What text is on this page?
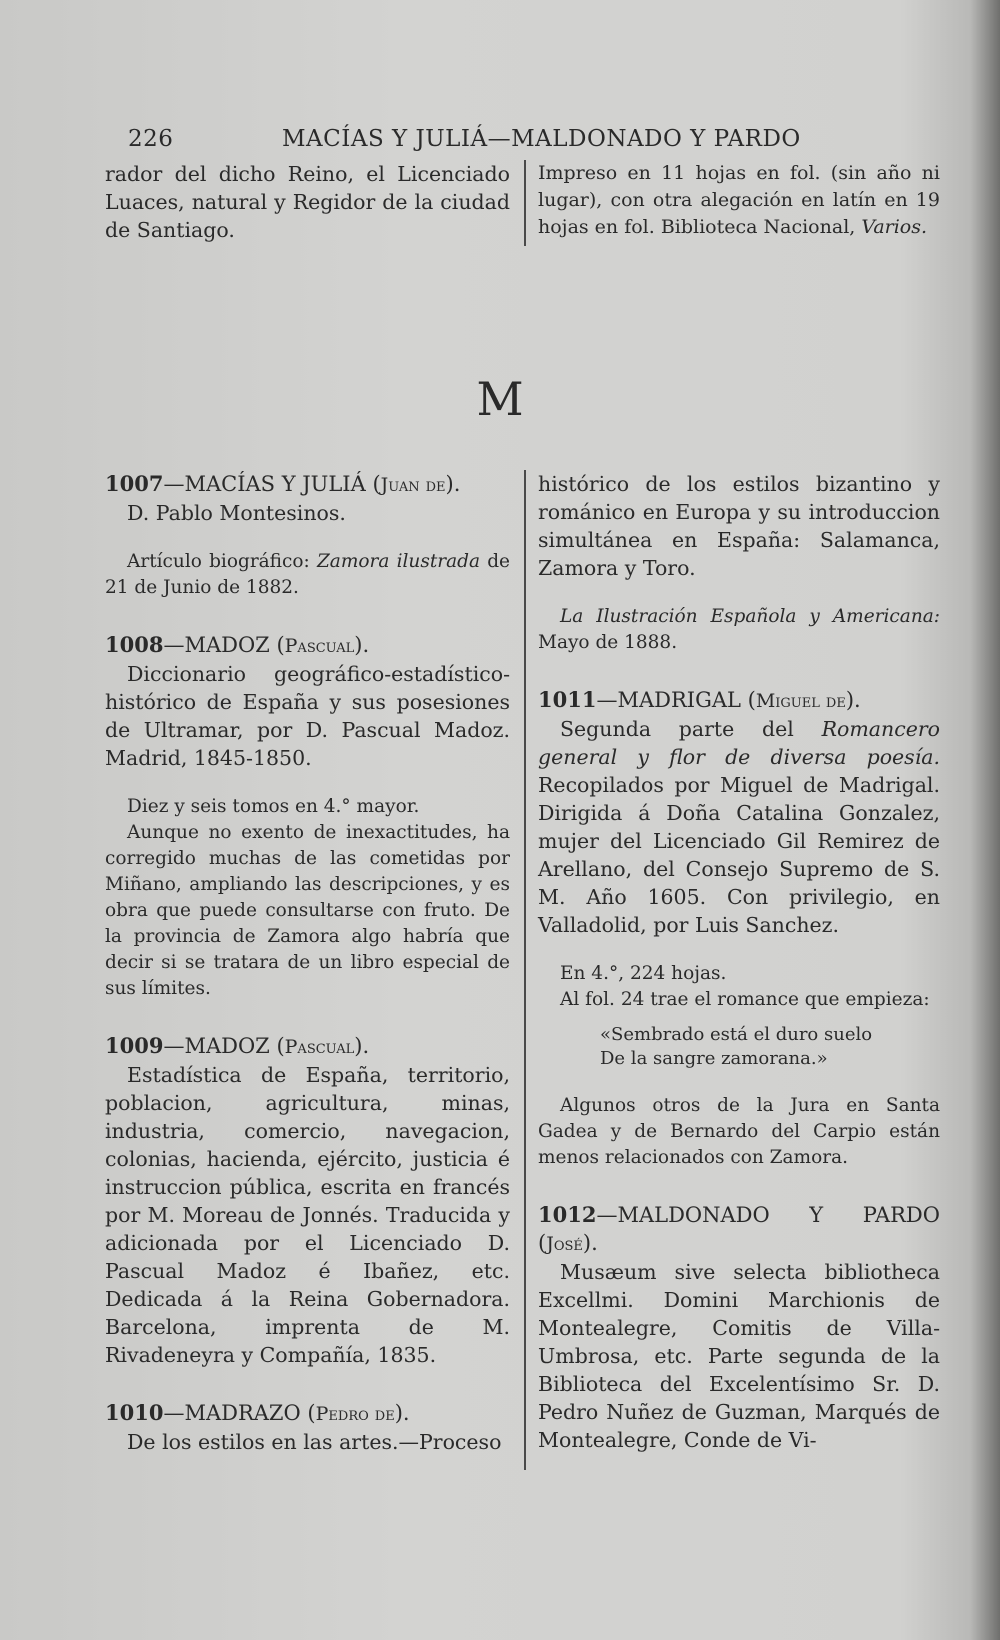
226	MACÍAS Y JULIÁ—MALDONADO Y PARDO

rador del dicho Reino, el Licenciado Luaces, natural y Regidor de la ciudad de Santiago.

Impreso en 11 hojas en fol. (sin año ni lugar), con otra alegación en latín en 19 hojas en fol. Biblioteca Nacional, Varios.

M

1007—MACÍAS Y JULIÁ (Juan de).

D. Pablo Montesinos.

Artículo biográfico: Zamora ilustrada de 21 de Junio de 1882.

1008—MADOZ (Pascual).

Diccionario geográfico-estadístico-histórico de España y sus posesiones de Ultramar, por D. Pascual Madoz. Madrid, 1845-1850.

Diez y seis tomos en 4.° mayor.

Aunque no exento de inexactitudes, ha corregido muchas de las cometidas por Miñano, ampliando las descripciones, y es obra que puede consultarse con fruto. De la provincia de Zamora algo habría que decir si se tratara de un libro especial de sus límites.

1009—MADOZ (Pascual).

Estadística de España, territorio, poblacion, agricultura, minas, industria, comercio, navegacion, colonias, hacienda, ejército, justicia é instruccion pública, escrita en francés por M. Moreau de Jonnés. Traducida y adicionada por el Licenciado D. Pascual Madoz é Ibañez, etc. Dedicada á la Reina Gobernadora. Barcelona, imprenta de M. Rivadeneyra y Compañía, 1835.

1010—MADRAZO (Pedro de).

De los estilos en las artes.—Proceso

histórico de los estilos bizantino y románico en Europa y su introduccion simultánea en España: Salamanca, Zamora y Toro.

La Ilustración Española y Americana: Mayo de 1888.

1011—MADRIGAL (Miguel de).

Segunda parte del Romancero general y flor de diversa poesía. Recopilados por Miguel de Madrigal. Dirigida á Doña Catalina Gonzalez, mujer del Licenciado Gil Remirez de Arellano, del Consejo Supremo de S. M. Año 1605. Con privilegio, en Valladolid, por Luis Sanchez.

En 4.°, 224 hojas.

Al fol. 24 trae el romance que empieza:

«Sembrado está el duro suelo

De la sangre zamorana.»

Algunos otros de la Jura en Santa Gadea y de Bernardo del Carpio están menos relacionados con Zamora.

1012—MALDONADO Y PARDO (José).

Musæum sive selecta bibliotheca Excellmi. Domini Marchionis de Montealegre, Comitis de Villa-Umbrosa, etc. Parte segunda de la Biblioteca del Excelentísimo Sr. D. Pedro Nuñez de Guzman, Marqués de Montealegre, Conde de Vi-
